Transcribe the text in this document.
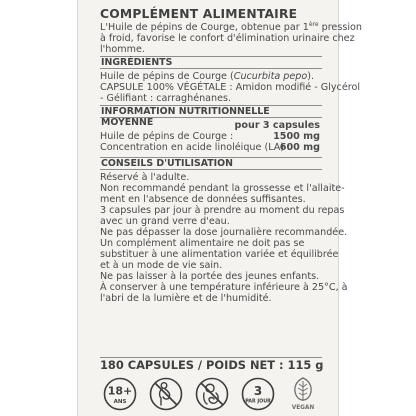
COMPLÉMENT ALIMENTAIRE
L'Huile de pépins de Courge, obtenue par 1ère pression
à froid, favorise le confort d'élimination urinaire chez
l'homme.
INGRÉDIENTS
Huile de pépins de Courge (Cucurbita pepo).
CAPSULE 100% VÉGÉTALE : Amidon modifié - Glycérol
- Gélifiant : carraghénanes.
INFORMATION NUTRITIONNELLE MOYENNE	pour 3 capsules
Huile de pépins de Courge :	1500 mg
Concentration en acide linoléique (LA) :
600 mg
CONSEILS D'UTILISATION
Réservé à l'adulte.
Non recommandé pendant la grossesse et l'allaite-
ment en l'absence de données suffisantes.
3 capsules par jour à prendre au moment du repas
avec un grand verre d'eau.
Ne pas dépasser la dose journalière recommandée.
Un complément alimentaire ne doit pas se
substituer à une alimentation variée et équilibrée
et à un mode de vie sain.
Ne pas laisser à la portée des jeunes enfants.
À conserver à une température inférieure à 25°C, à
l'abri de la lumière et de l'humidité.
180 CAPSULES / POIDS NET : 115 g
18+
ANS
3
PAR JOUR
VEGAN
